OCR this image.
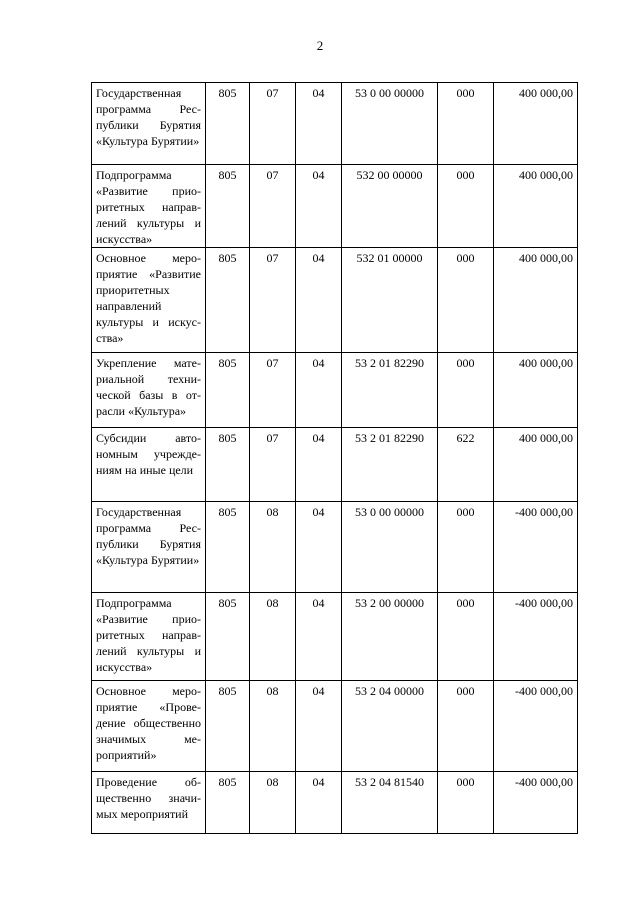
2
Государственная программа Республики Бурятия «Культура Бурятии»	805	07	04	53 0 00 00000	000	400 000,00
Подпрограмма «Развитие приоритетных направлений культуры и искусства»	805	07	04	532 00 00000	000	400 000,00
Основное мероприятие «Развитие приоритетных направлений культуры и искусства»	805	07	04	532 01 00000	000	400 000,00
Укрепление материальной технической базы в отрасли «Культура»	805	07	04	53 2 01 82290	000	400 000,00
Субсидии автономным учреждениям на иные цели	805	07	04	53 2 01 82290	622	400 000,00
Государственная программа Республики Бурятия «Культура Бурятии»	805	08	04	53 0 00 00000	000	-400 000,00
Подпрограмма «Развитие приоритетных направлений культуры и искусства»	805	08	04	53 2 00 00000	000	-400 000,00
Основное мероприятие «Проведение общественно значимых мероприятий»	805	08	04	53 2 04 00000	000	-400 000,00
Проведение общественно значимых мероприятий	805	08	04	53 2 04 81540	000	-400 000,00
